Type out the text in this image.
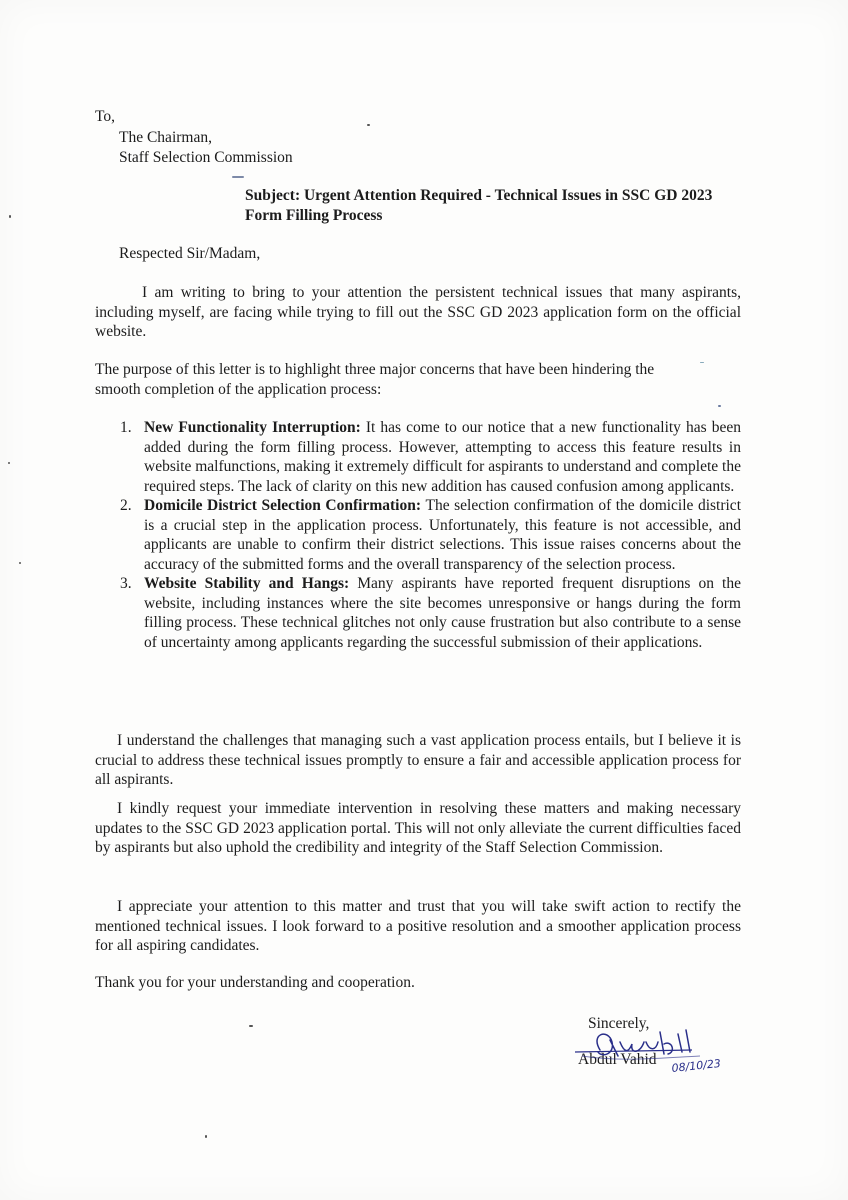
To,

The Chairman,

Staff Selection Commission

Subject: Urgent Attention Required - Technical Issues in SSC GD 2023 Form Filling Process

Respected Sir/Madam,

I am writing to bring to your attention the persistent technical issues that many aspirants, including myself, are facing while trying to fill out the SSC GD 2023 application form on the official website.

The purpose of this letter is to highlight three major concerns that have been hindering the smooth completion of the application process:

1. New Functionality Interruption: It has come to our notice that a new functionality has been added during the form filling process. However, attempting to access this feature results in website malfunctions, making it extremely difficult for aspirants to understand and complete the required steps. The lack of clarity on this new addition has caused confusion among applicants.
2. Domicile District Selection Confirmation: The selection confirmation of the domicile district is a crucial step in the application process. Unfortunately, this feature is not accessible, and applicants are unable to confirm their district selections. This issue raises concerns about the accuracy of the submitted forms and the overall transparency of the selection process.
3. Website Stability and Hangs: Many aspirants have reported frequent disruptions on the website, including instances where the site becomes unresponsive or hangs during the form filling process. These technical glitches not only cause frustration but also contribute to a sense of uncertainty among applicants regarding the successful submission of their applications.

I understand the challenges that managing such a vast application process entails, but I believe it is crucial to address these technical issues promptly to ensure a fair and accessible application process for all aspirants.

I kindly request your immediate intervention in resolving these matters and making necessary updates to the SSC GD 2023 application portal. This will not only alleviate the current difficulties faced by aspirants but also uphold the credibility and integrity of the Staff Selection Commission.

I appreciate your attention to this matter and trust that you will take swift action to rectify the mentioned technical issues. I look forward to a positive resolution and a smoother application process for all aspiring candidates.

Thank you for your understanding and cooperation.

Sincerely,

Abdul Vahid 08/10/23
